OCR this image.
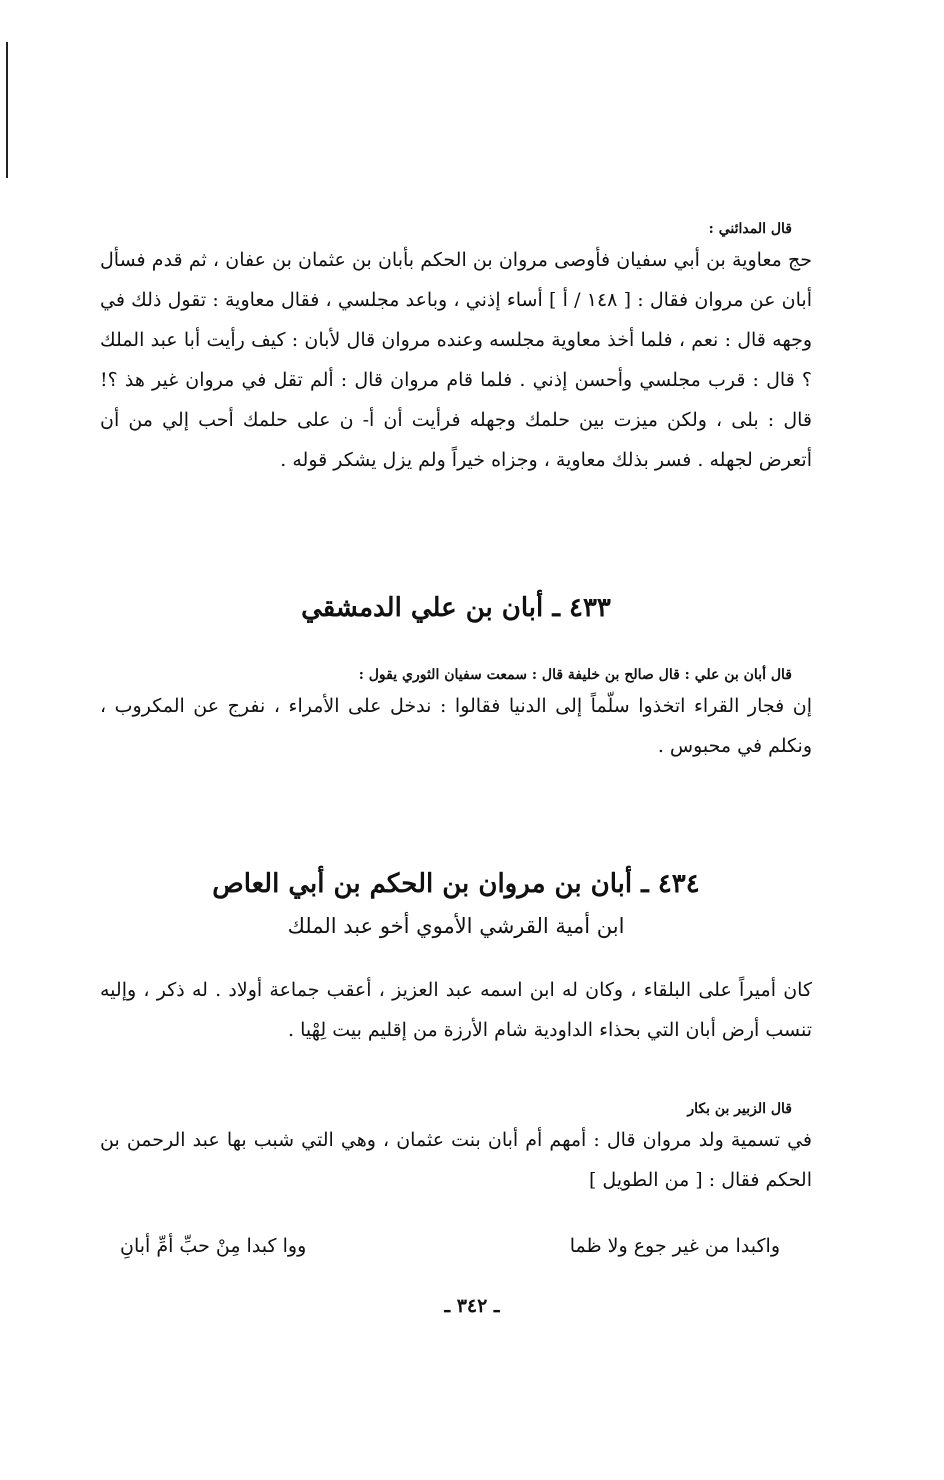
قال المدائني :

حج معاوية بن أبي سفيان فأوصى مروان بن الحكم بأبان بن عثمان بن عفان ، ثم قدم فسأل أبان عن مروان فقال : [ ١٤٨ / أ ] أساء إذني ، وباعد مجلسي ، فقال معاوية : تقول ذلك في وجهه قال : نعم ، فلما أخذ معاوية مجلسه وعنده مروان قال لأبان : كيف رأيت أبا عبد الملك ؟ قال : قرب مجلسي وأحسن إذني . فلما قام مروان قال : ألم تقل في مروان غير هذ ؟! قال : بلى ، ولكن ميزت بين حلمك وجهله فرأيت أن أ- ن على حلمك أحب إلي من أن أتعرض لجهله . فسر بذلك معاوية ، وجزاه خيراً ولم يزل يشكر قوله .

٤٣٣ ـ أبان بن علي الدمشقي

قال أبان بن علي : قال صالح بن خليفة قال : سمعت سفيان الثوري يقول :

إن فجار القراء اتخذوا سلّماً إلى الدنيا فقالوا : ندخل على الأمراء ، نفرج عن المكروب ، ونكلم في محبوس .

٤٣٤ ـ أبان بن مروان بن الحكم بن أبي العاص
ابن أمية القرشي الأموي أخو عبد الملك

كان أميراً على البلقاء ، وكان له ابن اسمه عبد العزيز ، أعقب جماعة أولاد . له ذكر ، وإليه تنسب أرض أبان التي بحذاء الداودية شام الأرزة من إقليم بيت لِهْيا .

قال الزبير بن بكار

في تسمية ولد مروان قال : أمهم أم أبان بنت عثمان ، وهي التي شبب بها عبد الرحمن بن الحكم فقال : [ من الطويل ]

واكبدا من غير جوع ولا ظما
ووا كبدا مِنْ حبِّ أمِّ أبانِ
ـ ٣٤٢ ـ
